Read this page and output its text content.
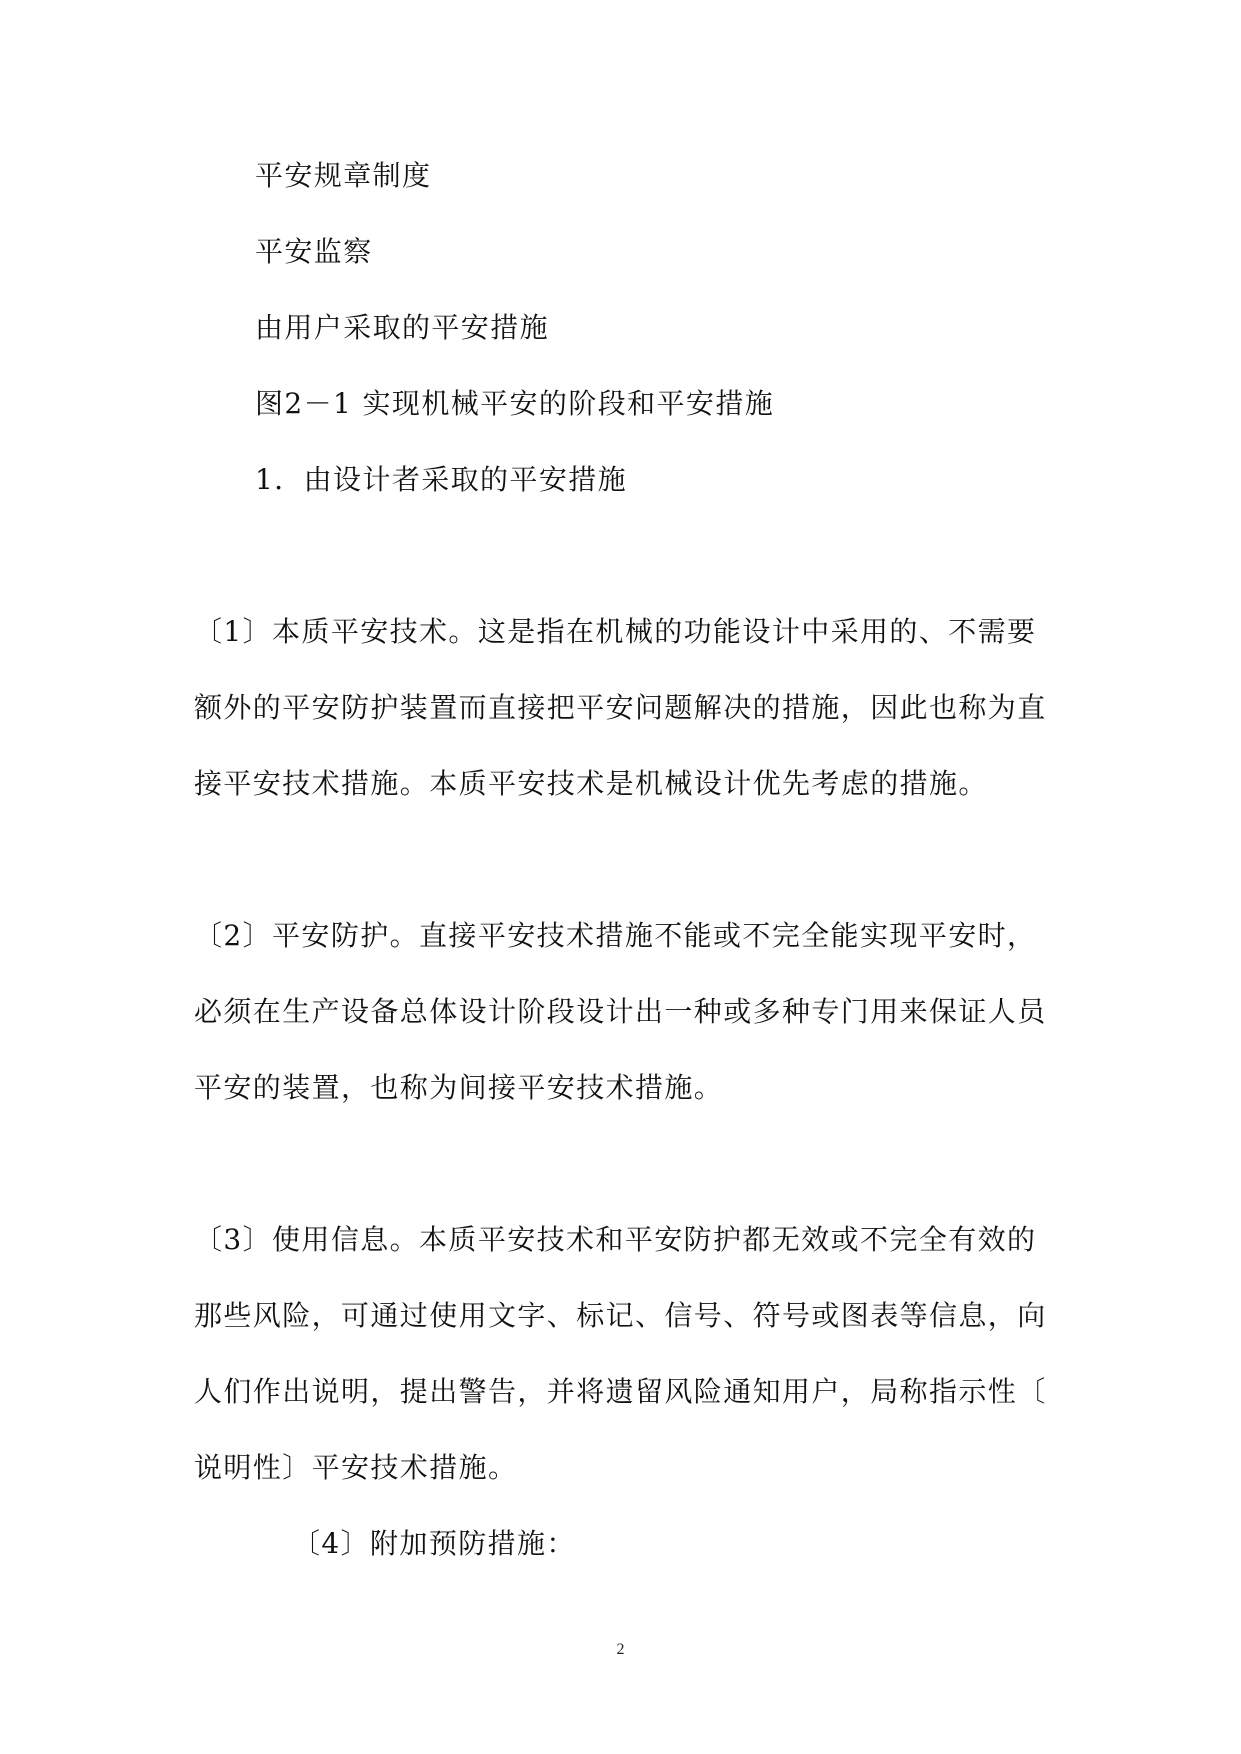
平安规章制度
平安监察
由用户采取的平安措施
图2－1 实现机械平安的阶段和平安措施
1．由设计者采取的平安措施
〔1〕本质平安技术。这是指在机械的功能设计中采用的、不需要
额外的平安防护装置而直接把平安问题解决的措施，因此也称为直
接平安技术措施。本质平安技术是机械设计优先考虑的措施。
〔2〕平安防护。直接平安技术措施不能或不完全能实现平安时，
必须在生产设备总体设计阶段设计出一种或多种专门用来保证人员
平安的装置，也称为间接平安技术措施。
〔3〕使用信息。本质平安技术和平安防护都无效或不完全有效的
那些风险，可通过使用文字、标记、信号、符号或图表等信息，向
人们作出说明，提出警告，并将遗留风险通知用户，局称指示性〔
说明性〕平安技术措施。
〔4〕附加预防措施：
2
